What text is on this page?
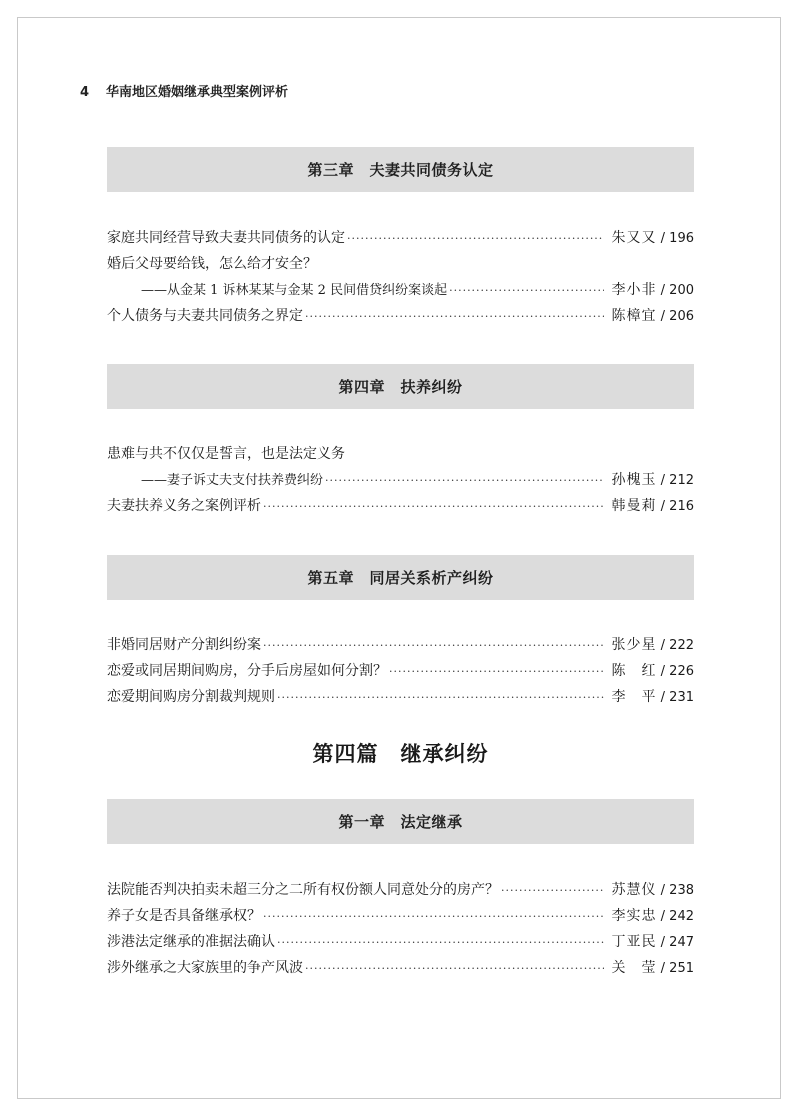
4 华南地区婚姻继承典型案例评析
第三章　夫妻共同债务认定
家庭共同经营导致夫妻共同债务的认定 ·····	朱又又 / 196
婚后父母要给钱，怎么给才安全？
——从金某 1 诉林某某与金某 2 民间借贷纠纷案谈起 ·····	李小非 / 200
个人债务与夫妻共同债务之界定 ·····	陈樟宜 / 206
第四章　扶养纠纷
患难与共不仅仅是誓言，也是法定义务
——妻子诉丈夫支付扶养费纠纷 ·····	孙槐玉 / 212
夫妻扶养义务之案例评析 ·····	韩曼莉 / 216
第五章　同居关系析产纠纷
非婚同居财产分割纠纷案 ·····	张少星 / 222
恋爱或同居期间购房，分手后房屋如何分割？ ·····	陈　红 / 226
恋爱期间购房分割裁判规则 ·····	李　平 / 231
第四篇　继承纠纷
第一章　法定继承
法院能否判决拍卖未超三分之二所有权份额人同意处分的房产？ ·····	苏慧仪 / 238
养子女是否具备继承权？ ·····	李实忠 / 242
涉港法定继承的准据法确认 ·····	丁亚民 / 247
涉外继承之大家族里的争产风波 ·····	关　莹 / 251
